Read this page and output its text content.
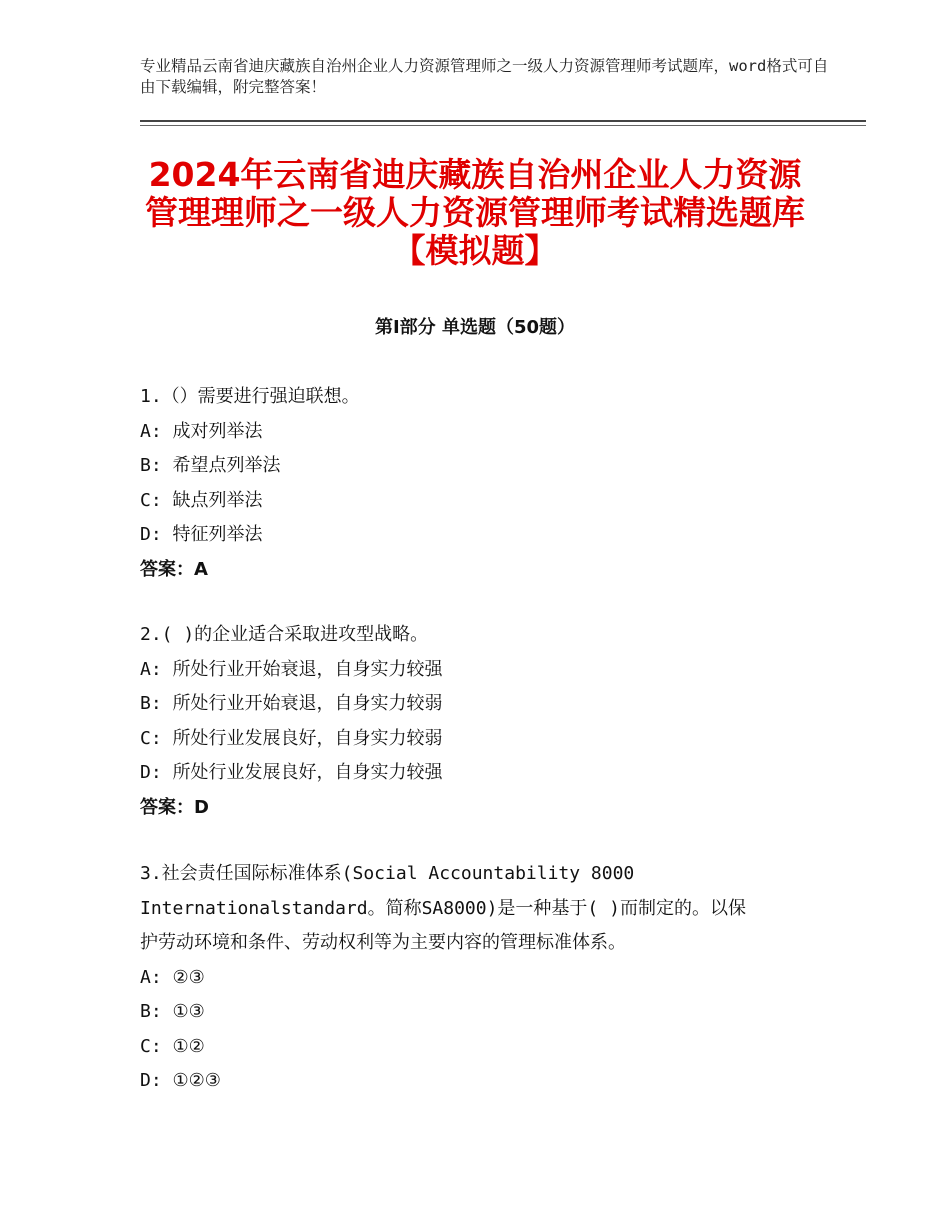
专业精品云南省迪庆藏族自治州企业人力资源管理师之一级人力资源管理师考试题库，word格式可自由下载编辑，附完整答案！
2024年云南省迪庆藏族自治州企业人力资源
管理理师之一级人力资源管理师考试精选题库
【模拟题】
第Ⅰ部分 单选题（50题）
1.（）需要进行强迫联想。
A: 成对列举法
B: 希望点列举法
C: 缺点列举法
D: 特征列举法
答案：A
2.( )的企业适合采取进攻型战略。
A: 所处行业开始衰退，自身实力较强
B: 所处行业开始衰退，自身实力较弱
C: 所处行业发展良好，自身实力较弱
D: 所处行业发展良好，自身实力较强
答案：D
3.社会责任国际标准体系(Social Accountability 8000
Internationalstandard。简称SA8000)是一种基于( )而制定的。以保
护劳动环境和条件、劳动权利等为主要内容的管理标准体系。
A: ②③
B: ①③
C: ①②
D: ①②③
